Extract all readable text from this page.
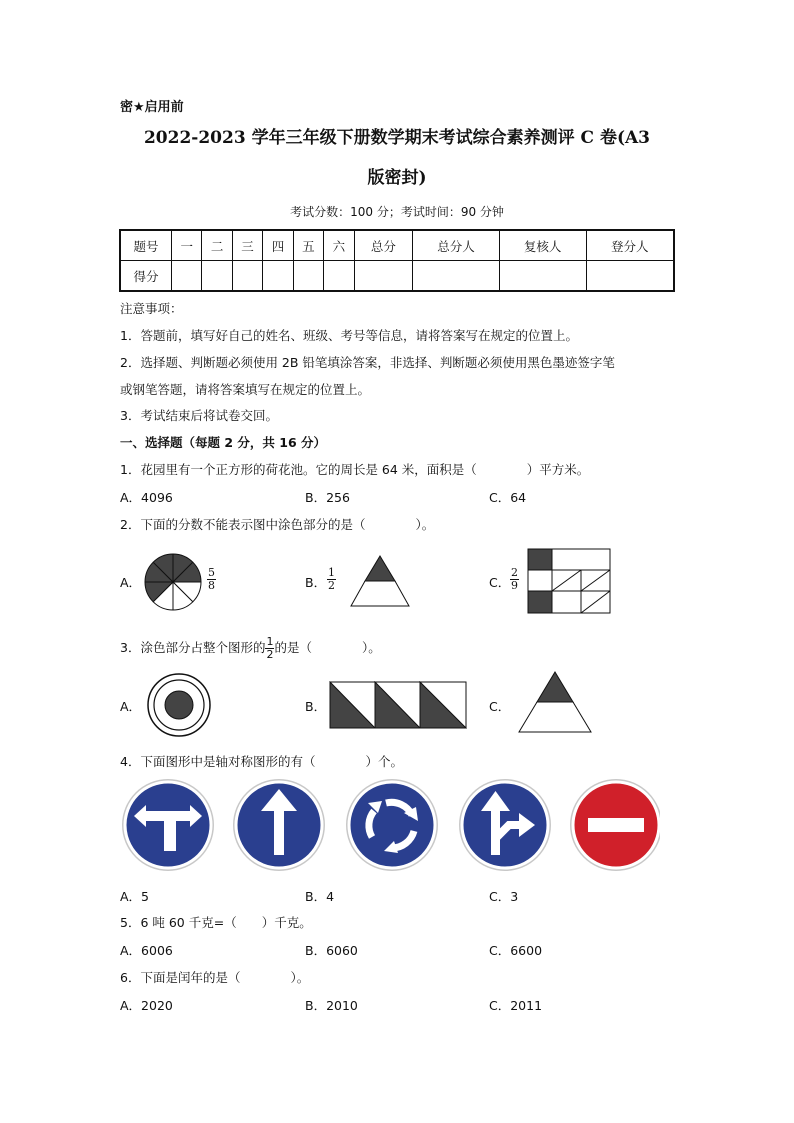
密★启用前
2022-2023 学年三年级下册数学期末考试综合素养测评 C 卷(A3
版密封)
考试分数：100 分；考试时间：90 分钟
题号	一	二	三	四	五	六	总分	总分人	复核人	登分人
得分										
注意事项：
1．答题前，填写好自己的姓名、班级、考号等信息，请将答案写在规定的位置上。
2．选择题、判断题必须使用 2B 铅笔填涂答案，非选择、判断题必须使用黑色墨迹签字笔
或钢笔答题，请将答案填写在规定的位置上。
3．考试结束后将试卷交回。
一、选择题（每题 2 分，共 16 分）
1．花园里有一个正方形的荷花池。它的周长是 64 米，面积是（　　　　）平方米。
A．4096	B．256	C．64
2．下面的分数不能表示图中涂色部分的是（　　　　）。
A．	$\frac{5}{8}$	B． $\frac{1}{2}$	C． $\frac{2}{9}$
3．涂色部分占整个图形的 $\frac{1}{2}$ 的是（　　　　）。
A．	B．	C．
4．下面图形中是轴对称图形的有（　　　　）个。
A．5	B．4	C．3
5．6 吨 60 千克=（　　）千克。
A．6006	B．6060	C．6600
6．下面是闰年的是（　　　　）。
A．2020	B．2010	C．2011
